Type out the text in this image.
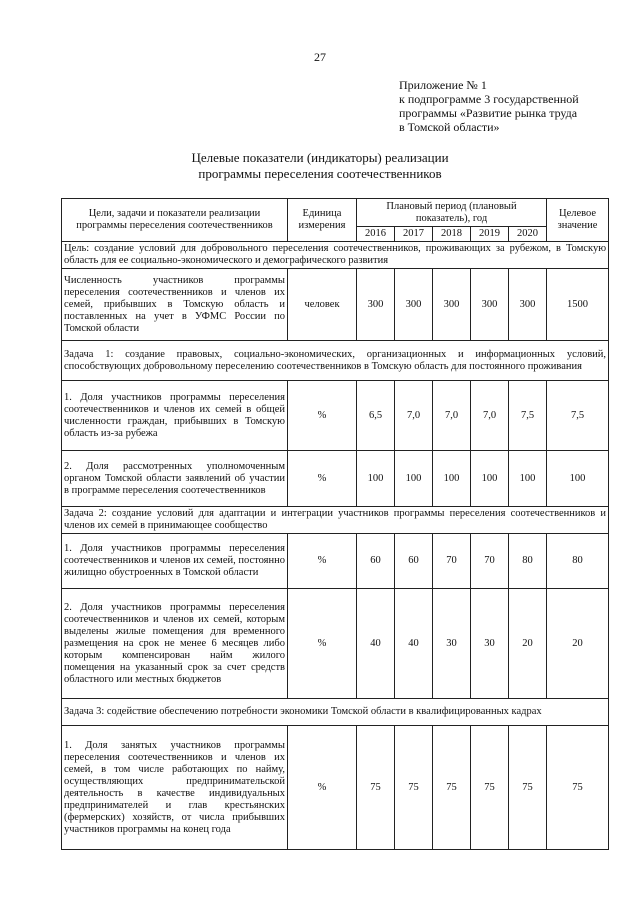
27
Приложение № 1
к подпрограмме 3 государственной
программы «Развитие рынка труда
в Томской области»
Целевые показатели (индикаторы) реализации
программы переселения соотечественников
Цели, задачи и показатели реализации программы переселения соотечественников	Единица измерения	Плановый период (плановый показатель), год					Целевое значение
		2016	2017	2018	2019	2020	
Цель: создание условий для добровольного переселения соотечественников, проживающих за рубежом, в Томскую область для ее социально-экономического и демографического развития							
Численность участников программы переселения соотечественников и членов их семей, прибывших в Томскую область и поставленных на учет в УФМС России по Томской области	человек	300	300	300	300	300	1500
Задача 1: создание правовых, социально-экономических, организационных и информационных условий, способствующих добровольному переселению соотечественников в Томскую область для постоянного проживания							
1. Доля участников программы переселения соотечественников и членов их семей в общей численности граждан, прибывших в Томскую область из-за рубежа	%	6,5	7,0	7,0	7,0	7,5	7,5
2. Доля рассмотренных уполномоченным органом Томской области заявлений об участии в программе переселения соотечественников	%	100	100	100	100	100	100
Задача 2: создание условий для адаптации и интеграции участников программы переселения соотечественников и членов их семей в принимающее сообщество							
1. Доля участников программы переселения соотечественников и членов их семей, постоянно жилищно обустроенных в Томской области	%	60	60	70	70	80	80
2. Доля участников программы переселения соотечественников и членов их семей, которым выделены жилые помещения для временного размещения на срок не менее 6 месяцев либо которым компенсирован найм жилого помещения на указанный срок за счет средств областного или местных бюджетов	%	40	40	30	30	20	20
Задача 3: содействие обеспечению потребности экономики Томской области в квалифицированных кадрах							
1. Доля занятых участников программы переселения соотечественников и членов их семей, в том числе работающих по найму, осуществляющих предпринимательской деятельность в качестве индивидуальных предпринимателей и глав крестьянских (фермерских) хозяйств, от числа прибывших участников программы на конец года	%	75	75	75	75	75	75
